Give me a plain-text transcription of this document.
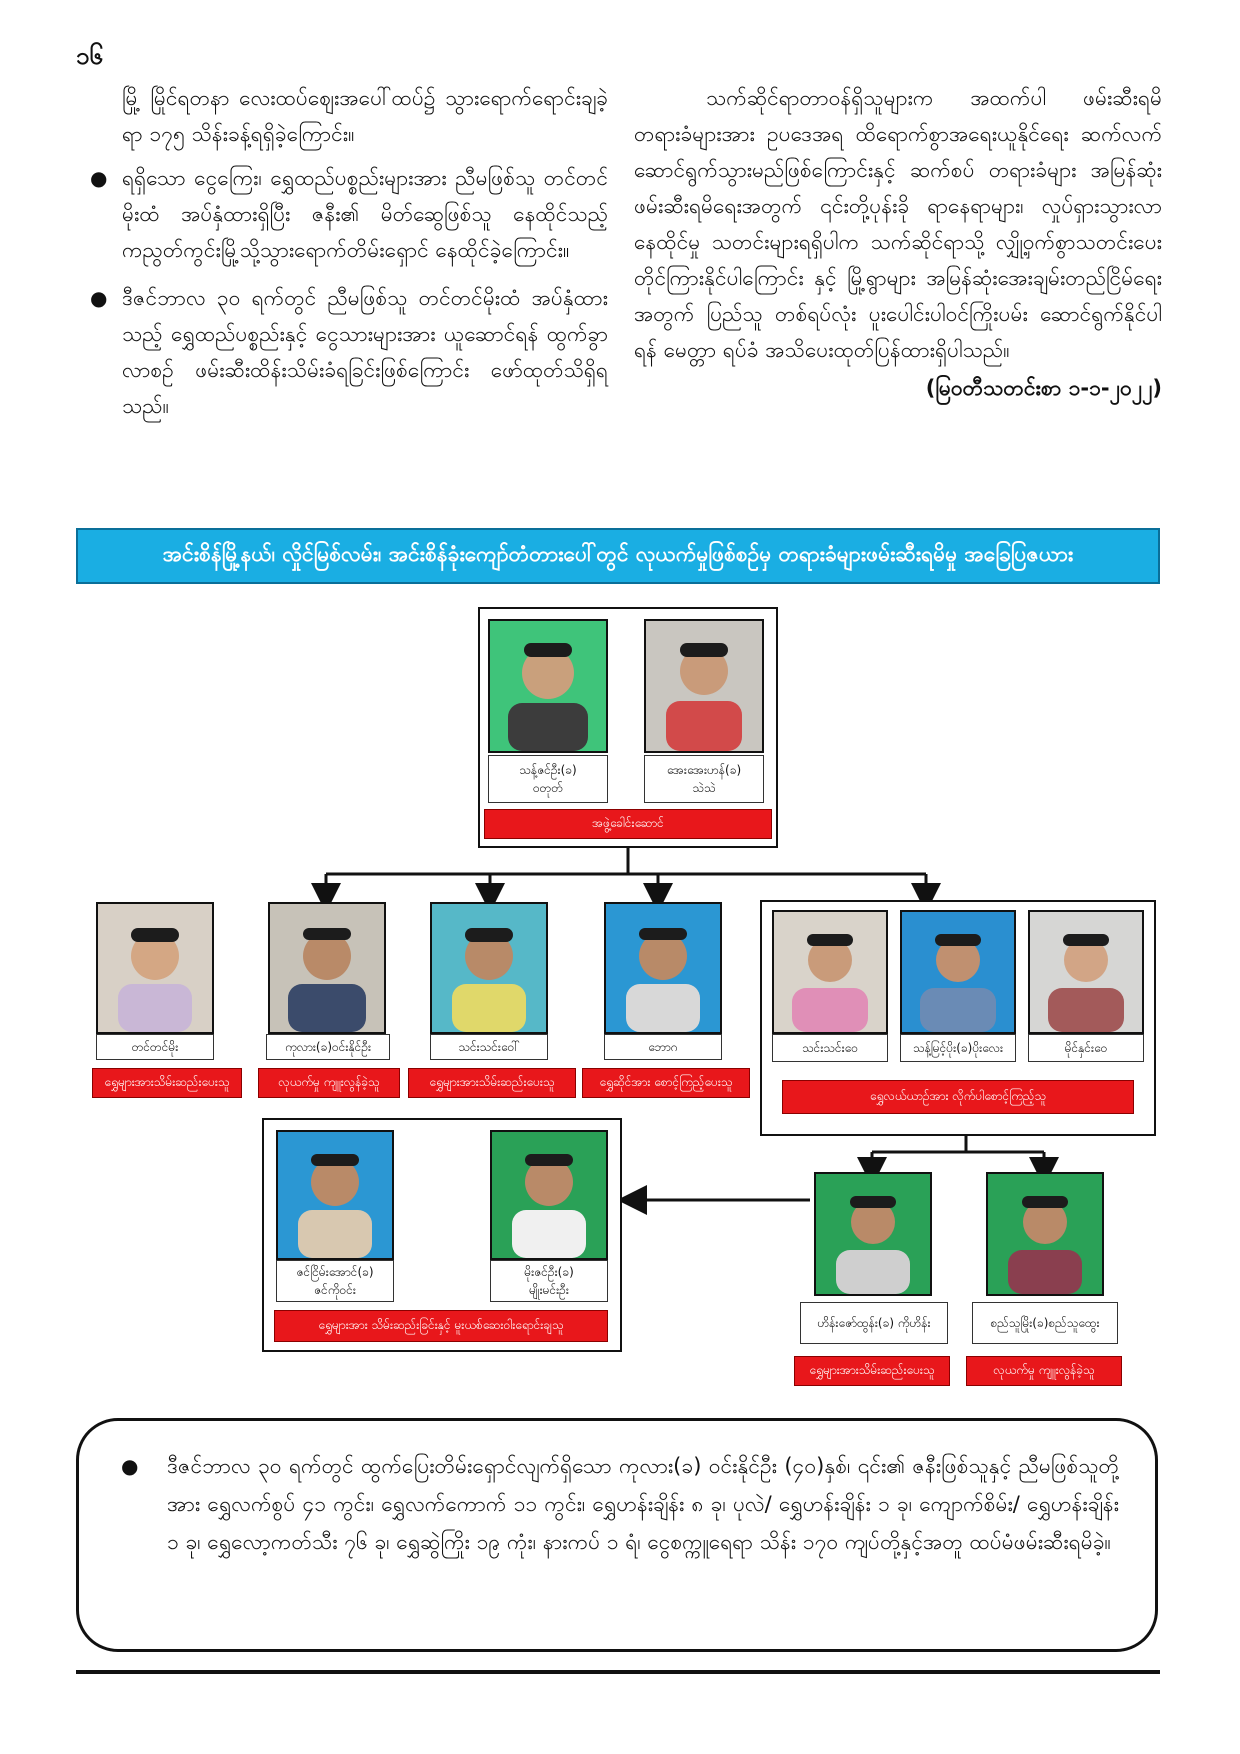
၁၆

မြို့ မြိုင်ရတနာ လေးထပ်ဈေးအပေါ်ထပ်၌ သွားရောက်ရောင်းချခဲ့ရာ ၁၇၅ သိန်းခန့်ရရှိခဲ့ကြောင်း။

● ရရှိသော ငွေကြေး၊ ရွှေထည်ပစ္စည်းများအား ညီမဖြစ်သူ တင်တင်မိုးထံ အပ်နှံထားရှိပြီး ဇနီး၏ မိတ်ဆွေဖြစ်သူ နေထိုင်သည့် ကညွတ်ကွင်းမြို့သို့သွားရောက်တိမ်းရှောင် နေထိုင်ခဲ့ကြောင်း။
● ဒီဇင်ဘာလ ၃၀ ရက်တွင် ညီမဖြစ်သူ တင်တင်မိုးထံ အပ်နှံထားသည့် ရွှေထည်ပစ္စည်းနှင့် ငွေသားများအား ယူဆောင်ရန် ထွက်ခွာလာစဉ် ဖမ်းဆီးထိန်းသိမ်းခံရခြင်းဖြစ်ကြောင်း ဖော်ထုတ်သိရှိရသည်။

သက်ဆိုင်ရာတာဝန်ရှိသူများက အထက်ပါ ဖမ်းဆီးရမိ တရားခံများအား ဥပဒေအရ ထိရောက်စွာအရေးယူနိုင်ရေး ဆက်လက်ဆောင်ရွက်သွားမည်ဖြစ်ကြောင်းနှင့် ဆက်စပ် တရားခံများ အမြန်ဆုံးဖမ်းဆီးရမိရေးအတွက် ၎င်းတို့ပုန်းခို ရာနေရာများ၊ လှုပ်ရှားသွားလာနေထိုင်မှု သတင်းများရရှိပါက သက်ဆိုင်ရာသို့ လျှို့ဝှက်စွာသတင်းပေးတိုင်ကြားနိုင်ပါကြောင်း နှင့် မြို့ရွာများ အမြန်ဆုံးအေးချမ်းတည်ငြိမ်ရေးအတွက် ပြည်သူ တစ်ရပ်လုံး ပူးပေါင်းပါဝင်ကြိုးပမ်း ဆောင်ရွက်နိုင်ပါရန် မေတ္တာ ရပ်ခံ အသိပေးထုတ်ပြန်ထားရှိပါသည်။

(မြဝတီသတင်းစာ ၁-၁-၂၀၂၂)

အင်းစိန်မြို့နယ်၊ လှိုင်မြစ်လမ်း၊ အင်းစိန်ခုံးကျော်တံတားပေါ်တွင် လုယက်မှုဖြစ်စဉ်မှ တရားခံများဖမ်းဆီးရမိမှု အခြေပြဇယား
သန့်ဇင်ဦး(ခ)
ဝတုတ်
အေးအေးဟန်(ခ)
သဲသဲ
အဖွဲ့ခေါင်းဆောင်
တင်တင်မိုး
ရွှေများအားသိမ်းဆည်းပေးသူ
ကုလား(ခ)ဝင်းနိုင်ဦး
လုယက်မှု ကျူးလွန်ခဲ့သူ
သင်းသင်းဝေါ်
ရွှေများအားသိမ်းဆည်းပေးသူ
ဘောဂ
ရွှေဆိုင်အား စောင့်ကြည့်ပေးသူ
သင်းသင်းဝေ	သန့်မြင့်ပိုး(ခ)ပိုးလေး	မိုင်နှင်းဝေ
ရွှေလယ်ယာဥ်အား လိုက်ပါစောင့်ကြည့်သူ
ဇင်ငြိမ်းအောင်(ခ)
ဇင်ကိုဝင်း
မိုးဇင်ဦး(ခ)
မျိုးမင်းဦး
ရွှေများအား သိမ်းဆည်းခြင်းနှင့် မူးယစ်ဆေးဝါးရောင်းချသူ	ဟိန်းဇော်ထွန်း(ခ) ကိုဟိန်း
ရွှေများအားသိမ်းဆည်းပေးသူ
စည်သူမြိုး(ခ)စည်သူထွေး
လုယက်မှု ကျူးလွန်ခဲ့သူ
● ဒီဇင်ဘာလ ၃၀ ရက်တွင် ထွက်ပြေးတိမ်းရှောင်လျက်ရှိသော ကုလား(ခ) ဝင်းနိုင်ဦး (၄၀)နှစ်၊ ၎င်း၏ ဇနီးဖြစ်သူနှင့် ညီမဖြစ်သူတို့အား ရွှေလက်စွပ် ၄၁ ကွင်း၊ ရွှေလက်ကောက် ၁၁ ကွင်း၊ ရွှေဟန်းချိန်း ၈ ခု၊ ပုလဲ/ ရွှေဟန်းချိန်း ၁ ခု၊ ကျောက်စိမ်း/ ရွှေဟန်းချိန်း ၁ ခု၊ ရွှေလော့ကတ်သီး ၇၆ ခု၊ ရွှေဆွဲကြိုး ၁၉ ကုံး၊ နားကပ် ၁ ရံ၊ ငွေစက္ကူရေရာ သိန်း ၁၇၀ ကျပ်တို့နှင့်အတူ ထပ်မံဖမ်းဆီးရမိခဲ့။
